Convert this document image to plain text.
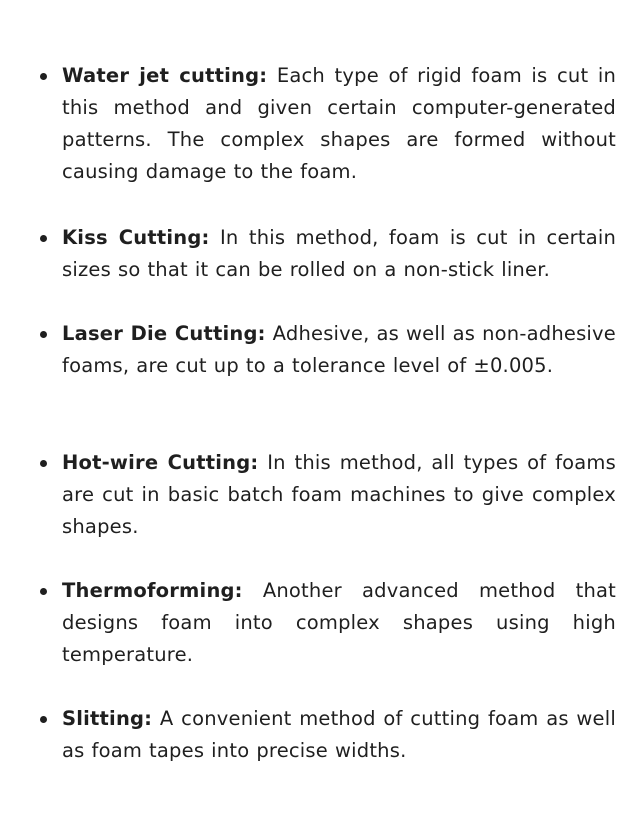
Water jet cutting: Each type of rigid foam is cut in this method and given certain computer-generated patterns. The complex shapes are formed without causing damage to the foam.
Kiss Cutting: In this method, foam is cut in certain sizes so that it can be rolled on a non-stick liner.
Laser Die Cutting: Adhesive, as well as non-adhesive foams, are cut up to a tolerance level of ±0.005.
Hot-wire Cutting: In this method, all types of foams are cut in basic batch foam machines to give complex shapes.
Thermoforming: Another advanced method that designs foam into complex shapes using high temperature.
Slitting: A convenient method of cutting foam as well as foam tapes into precise widths.
